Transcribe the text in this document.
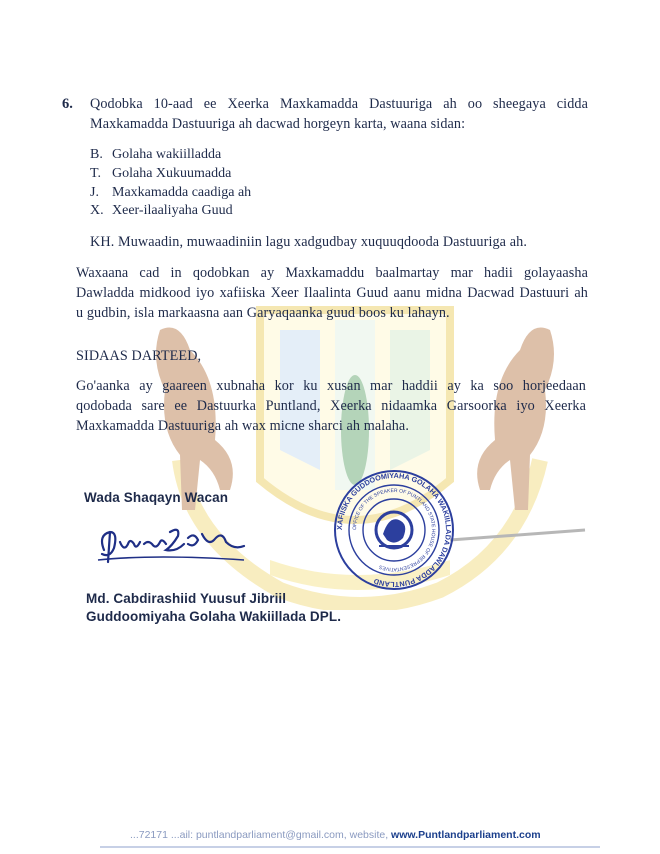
6. Qodobka 10-aad ee Xeerka Maxkamadda Dastuuriga ah oo sheegaya cidda
Maxkamadda Dastuuriga ah dacwad horgeyn karta, waana sidan:
B. Golaha wakiilladda
T. Golaha Xukuumadda
J. Maxkamadda caadiga ah
X. Xeer-ilaaliyaha Guud
KH. Muwaadin, muwaadiniin lagu xadgudbay xuquuqdooda Dastuuriga ah.
Waxaana cad in qodobkan ay Maxkamaddu baalmartay mar hadii golayaasha
Dawladda midkood iyo xafiiska Xeer Ilaalinta Guud aanu midna Dacwad Dastuuri ah
u gudbin, isla markaasna aan Garyaqaanka guud boos ku lahayn.
SIDAAS DARTEED,
Go'aanka ay gaareen xubnaha kor ku xusan mar haddii ay ka soo horjeedaan
qodobada sare ee Dastuurka Puntland, Xeerka nidaamka Garsoorka iyo Xeerka
Maxkamadda Dastuuriga ah wax micne sharci ah malaha.
Wada Shaqayn Wacan
XAFIISKA GUDDOOMIYAHA GOLAHA WAKIILLADA DAWLADDA PUNTLAND
OFFICE OF THE SPEAKER OF PUNTLAND STATE HOUSE OF REPRESENTATIVES
Md. Cabdirashiid Yuusuf Jibriil
Guddoomiyaha Golaha Wakiillada DPL.
...72171 ...ail: puntlandparliament@gmail.com, website, www.Puntlandparliament.com
